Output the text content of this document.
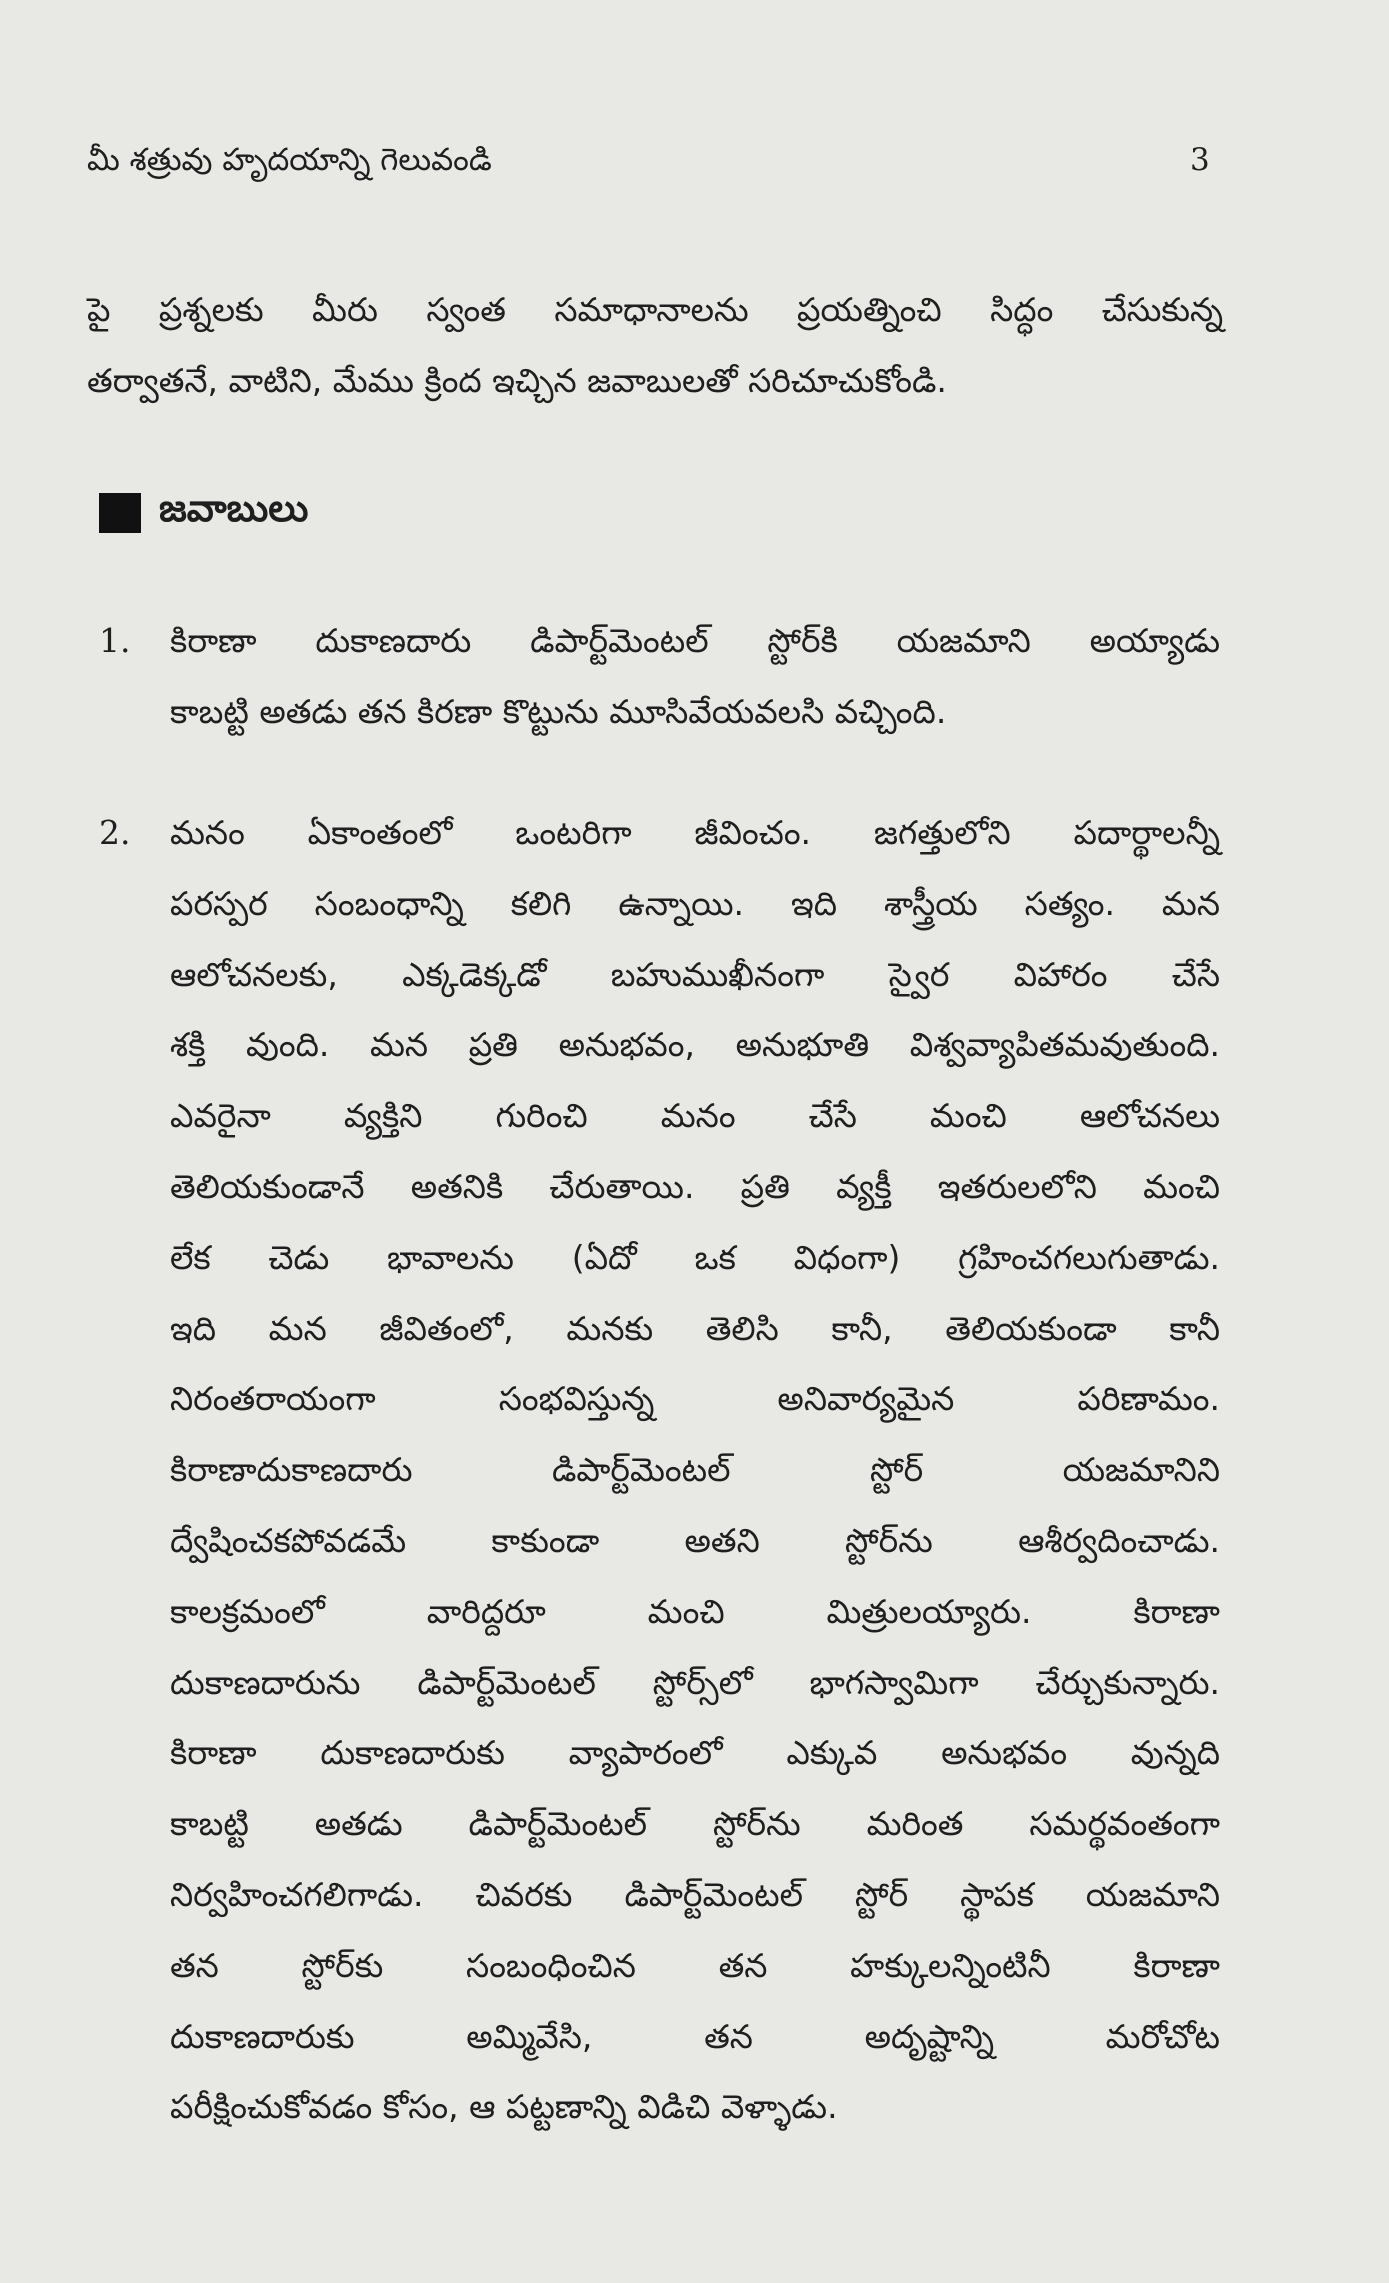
మీ శత్రువు హృదయాన్ని గెలువండి	3
పై ప్రశ్నలకు మీరు స్వంత సమాధానాలను ప్రయత్నించి సిద్ధం చేసుకున్న
తర్వాతనే, వాటిని, మేము క్రింద ఇచ్చిన జవాబులతో సరిచూచుకోండి.
జవాబులు
1. కిరాణా దుకాణదారు డిపార్ట్‌మెంటల్ స్టోర్‌కి యజమాని అయ్యాడు
కాబట్టి అతడు తన కిరణా కొట్టును మూసివేయవలసి వచ్చింది.
2. మనం ఏకాంతంలో ఒంటరిగా జీవించం. జగత్తులోని పదార్థాలన్నీ
పరస్పర సంబంధాన్ని కలిగి ఉన్నాయి. ఇది శాస్త్రీయ సత్యం. మన
ఆలోచనలకు, ఎక్కడెక్కడో బహుముఖీనంగా స్వైర విహారం చేసే
శక్తి వుంది. మన ప్రతి అనుభవం, అనుభూతి విశ్వవ్యాపితమవుతుంది.
ఎవరైనా వ్యక్తిని గురించి మనం చేసే మంచి ఆలోచనలు
తెలియకుండానే అతనికి చేరుతాయి. ప్రతి వ్యక్తీ ఇతరులలోని మంచి
లేక చెడు భావాలను (ఏదో ఒక విధంగా) గ్రహించగలుగుతాడు.
ఇది మన జీవితంలో, మనకు తెలిసి కానీ, తెలియకుండా కానీ
నిరంతరాయంగా సంభవిస్తున్న అనివార్యమైన పరిణామం.
కిరాణాదుకాణదారు డిపార్ట్‌మెంటల్ స్టోర్ యజమానిని
ద్వేషించకపోవడమే కాకుండా అతని స్టోర్‌ను ఆశీర్వదించాడు.
కాలక్రమంలో వారిద్దరూ మంచి మిత్రులయ్యారు. కిరాణా
దుకాణదారును డిపార్ట్‌మెంటల్ స్టోర్స్‌లో భాగస్వామిగా చేర్చుకున్నారు.
కిరాణా దుకాణదారుకు వ్యాపారంలో ఎక్కువ అనుభవం వున్నది
కాబట్టి అతడు డిపార్ట్‌మెంటల్ స్టోర్‌ను మరింత సమర్థవంతంగా
నిర్వహించగలిగాడు. చివరకు డిపార్ట్‌మెంటల్ స్టోర్ స్థాపక యజమాని
తన స్టోర్‌కు సంబంధించిన తన హక్కులన్నింటినీ కిరాణా
దుకాణదారుకు అమ్మివేసి, తన అదృష్టాన్ని మరోచోట
పరీక్షించుకోవడం కోసం, ఆ పట్టణాన్ని విడిచి వెళ్ళాడు.
